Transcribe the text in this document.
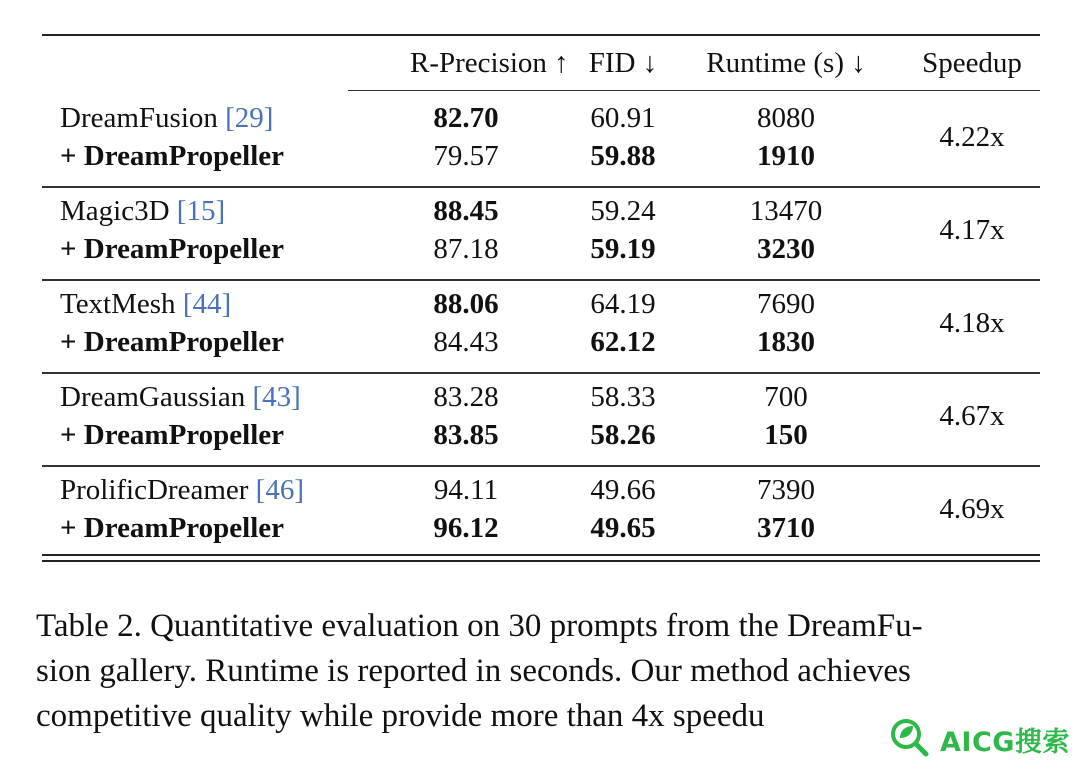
R-Precision ↑ FID ↓	Runtime (s) ↓	Speedup
DreamFusion [29]
+ DreamPropeller
82.70
79.57
60.91
59.88
8080
1910
4.22x
Magic3D [15]
+ DreamPropeller
88.45
87.18
59.24
59.19
13470
3230
4.17x
TextMesh [44]
+ DreamPropeller
88.06
84.43
64.19
62.12
7690
1830
4.18x
DreamGaussian [43]
+ DreamPropeller
83.28
83.85
58.33
58.26
700
150
4.67x
ProlificDreamer [46]
+ DreamPropeller
94.11
96.12
49.66
49.65
7390
3710
4.69x
Table 2. Quantitative evaluation on 30 prompts from the DreamFu-
sion gallery. Runtime is reported in seconds. Our method achieves
competitive quality while provide more than 4x speedu
AICG搜索
